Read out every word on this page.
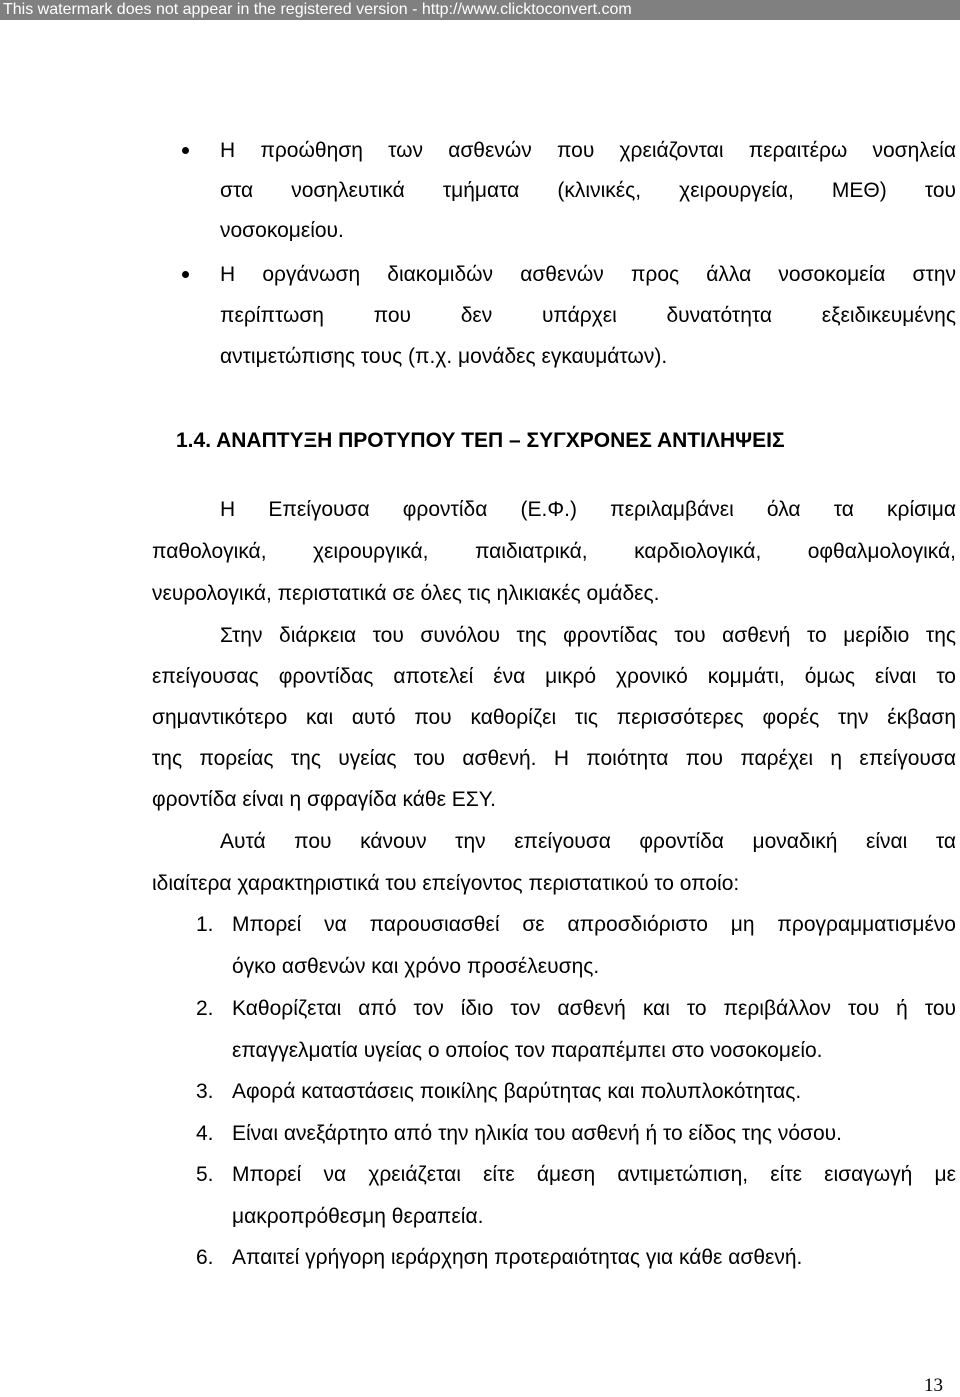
This watermark does not appear in the registered version - http://www.clicktoconvert.com
Η προώθηση των ασθενών που χρειάζονται περαιτέρω νοσηλεία
στα νοσηλευτικά τμήματα (κλινικές, χειρουργεία, ΜΕΘ) του
νοσοκομείου.
Η οργάνωση διακομιδών ασθενών προς άλλα νοσοκομεία στην
περίπτωση που δεν υπάρχει δυνατότητα εξειδικευμένης
αντιμετώπισης τους (π.χ. μονάδες εγκαυμάτων).
1.4. ΑΝΑΠΤΥΞΗ ΠΡΟΤΥΠΟΥ ΤΕΠ – ΣΥΓΧΡΟΝΕΣ ΑΝΤΙΛΗΨΕΙΣ
Η Επείγουσα φροντίδα (Ε.Φ.) περιλαμβάνει όλα τα κρίσιμα
παθολογικά, χειρουργικά, παιδιατρικά, καρδιολογικά, οφθαλμολογικά,
νευρολογικά, περιστατικά σε όλες τις ηλικιακές ομάδες.
Στην διάρκεια του συνόλου της φροντίδας του ασθενή το μερίδιο της
επείγουσας φροντίδας αποτελεί ένα μικρό χρονικό κομμάτι, όμως είναι το
σημαντικότερο και αυτό που καθορίζει τις περισσότερες φορές την έκβαση
της πορείας της υγείας του ασθενή. Η ποιότητα που παρέχει η επείγουσα
φροντίδα είναι η σφραγίδα κάθε ΕΣΥ.
Αυτά που κάνουν την επείγουσα φροντίδα μοναδική είναι τα
ιδιαίτερα χαρακτηριστικά του επείγοντος περιστατικού το οποίο:
1. Μπορεί να παρουσιασθεί σε απροσδιόριστο μη προγραμματισμένο
όγκο ασθενών και χρόνο προσέλευσης.
2. Καθορίζεται από τον ίδιο τον ασθενή και το περιβάλλον του ή του
επαγγελματία υγείας ο οποίος τον παραπέμπει στο νοσοκομείο.
3. Αφορά καταστάσεις ποικίλης βαρύτητας και πολυπλοκότητας.
4. Είναι ανεξάρτητο από την ηλικία του ασθενή ή το είδος της νόσου.
5. Μπορεί να χρειάζεται είτε άμεση αντιμετώπιση, είτε εισαγωγή με
μακροπρόθεσμη θεραπεία.
6. Απαιτεί γρήγορη ιεράρχηση προτεραιότητας για κάθε ασθενή.
13
